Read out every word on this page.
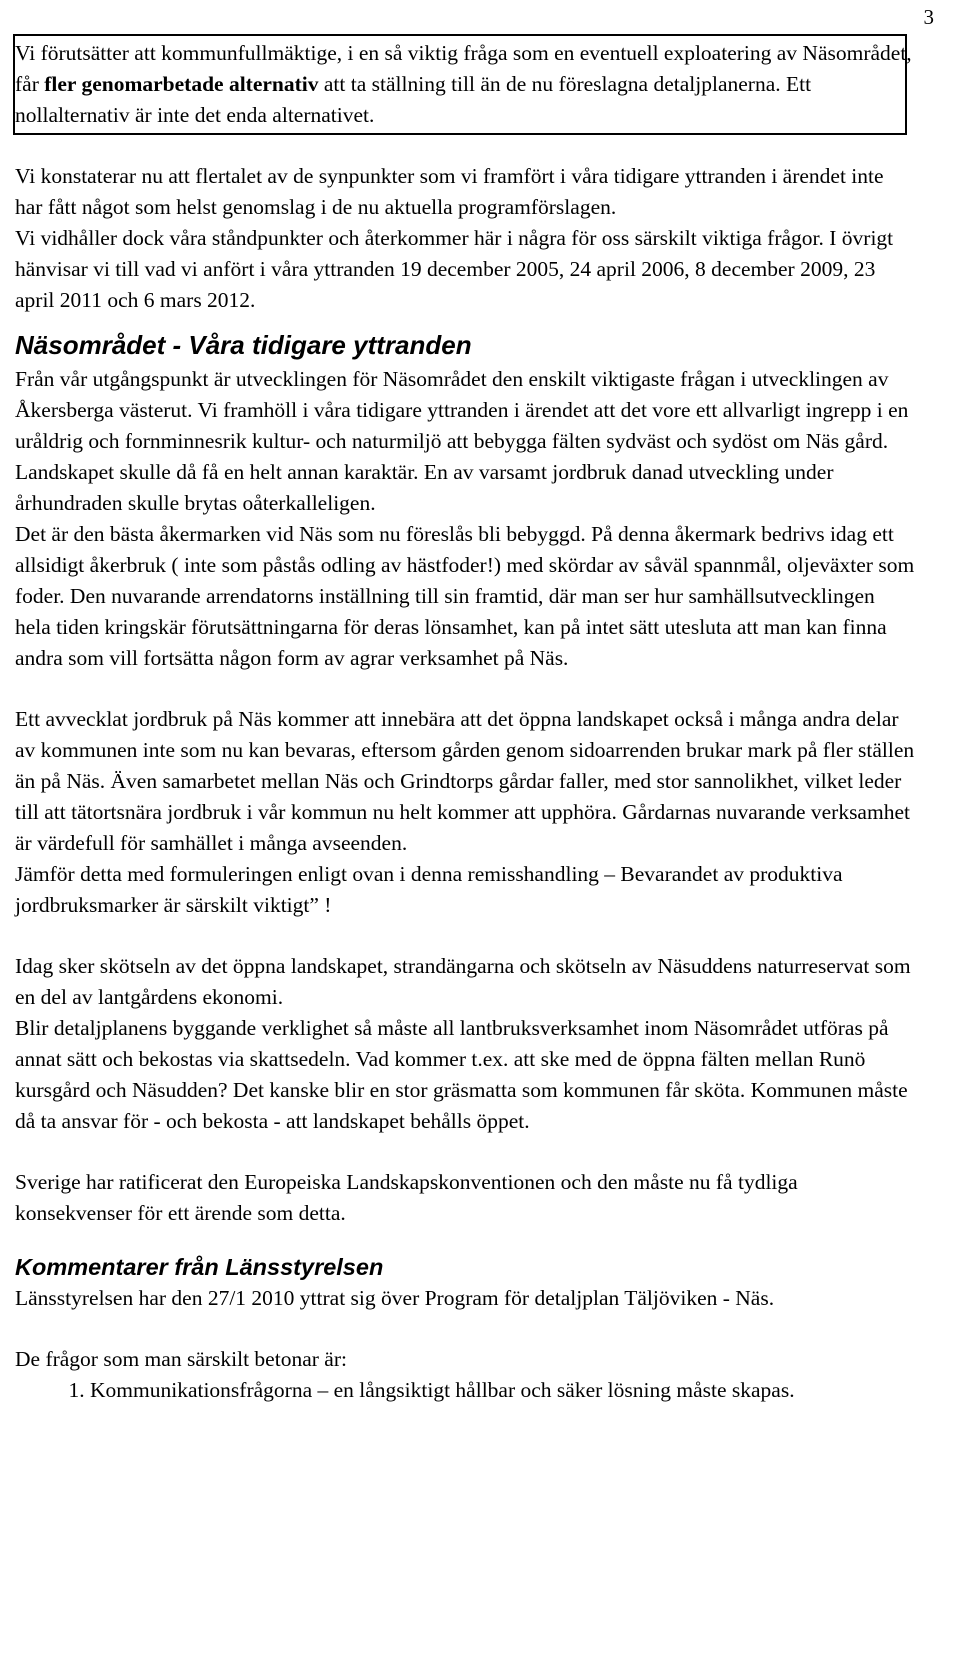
3

Vi förutsätter att kommunfullmäktige, i en så viktig fråga som en eventuell exploatering av Näsområdet, får fler genomarbetade alternativ att ta ställning till än de nu föreslagna detaljplanerna. Ett nollalternativ är inte det enda alternativet.

Vi konstaterar nu att flertalet av de synpunkter som vi framfört i våra tidigare yttranden i ärendet inte har fått något som helst genomslag i de nu aktuella programförslagen.

Vi vidhåller dock våra ståndpunkter och återkommer här i några för oss särskilt viktiga frågor. I övrigt hänvisar vi till vad vi anfört i våra yttranden 19 december 2005, 24 april 2006, 8 december 2009, 23 april 2011 och 6 mars 2012.

Näsområdet - Våra tidigare yttranden

Från vår utgångspunkt är utvecklingen för Näsområdet den enskilt viktigaste frågan i utvecklingen av Åkersberga västerut. Vi framhöll i våra tidigare yttranden i ärendet att det vore ett allvarligt ingrepp i en uråldrig och fornminnesrik kultur- och naturmiljö att bebygga fälten sydväst och sydöst om Näs gård. Landskapet skulle då få en helt annan karaktär. En av varsamt jordbruk danad utveckling under århundraden skulle brytas oåterkalleligen.

Det är den bästa åkermarken vid Näs som nu föreslås bli bebyggd. På denna åkermark bedrivs idag ett allsidigt åkerbruk ( inte som påstås odling av hästfoder!) med skördar av såväl spannmål, oljeväxter som foder. Den nuvarande arrendatorns inställning till sin framtid, där man ser hur samhällsutvecklingen hela tiden kringskär förutsättningarna för deras lönsamhet, kan på intet sätt utesluta att man kan finna andra som vill fortsätta någon form av agrar verksamhet på Näs.

Ett avvecklat jordbruk på Näs kommer att innebära att det öppna landskapet också i många andra delar av kommunen inte som nu kan bevaras, eftersom gården genom sidoarrenden brukar mark på fler ställen än på Näs. Även samarbetet mellan Näs och Grindtorps gårdar faller, med stor sannolikhet, vilket leder till att tätortsnära jordbruk i vår kommun nu helt kommer att upphöra. Gårdarnas nuvarande verksamhet är värdefull för samhället i många avseenden.

Jämför detta med formuleringen enligt ovan i denna remisshandling – Bevarandet av produktiva jordbruksmarker är särskilt viktigt” !

Idag sker skötseln av det öppna landskapet, strandängarna och skötseln av Näsuddens naturreservat som en del av lantgårdens ekonomi.

Blir detaljplanens byggande verklighet så måste all lantbruksverksamhet inom Näsområdet utföras på annat sätt och bekostas via skattsedeln. Vad kommer t.ex. att ske med de öppna fälten mellan Runö kursgård och Näsudden? Det kanske blir en stor gräsmatta som kommunen får sköta. Kommunen måste då ta ansvar för - och bekosta - att landskapet behålls öppet.

Sverige har ratificerat den Europeiska Landskapskonventionen och den måste nu få tydliga konsekvenser för ett ärende som detta.

Kommentarer från Länsstyrelsen

Länsstyrelsen har den 27/1 2010 yttrat sig över Program för detaljplan Täljöviken - Näs.

De frågor som man särskilt betonar är:

1. Kommunikationsfrågorna – en långsiktigt hållbar och säker lösning måste skapas.
